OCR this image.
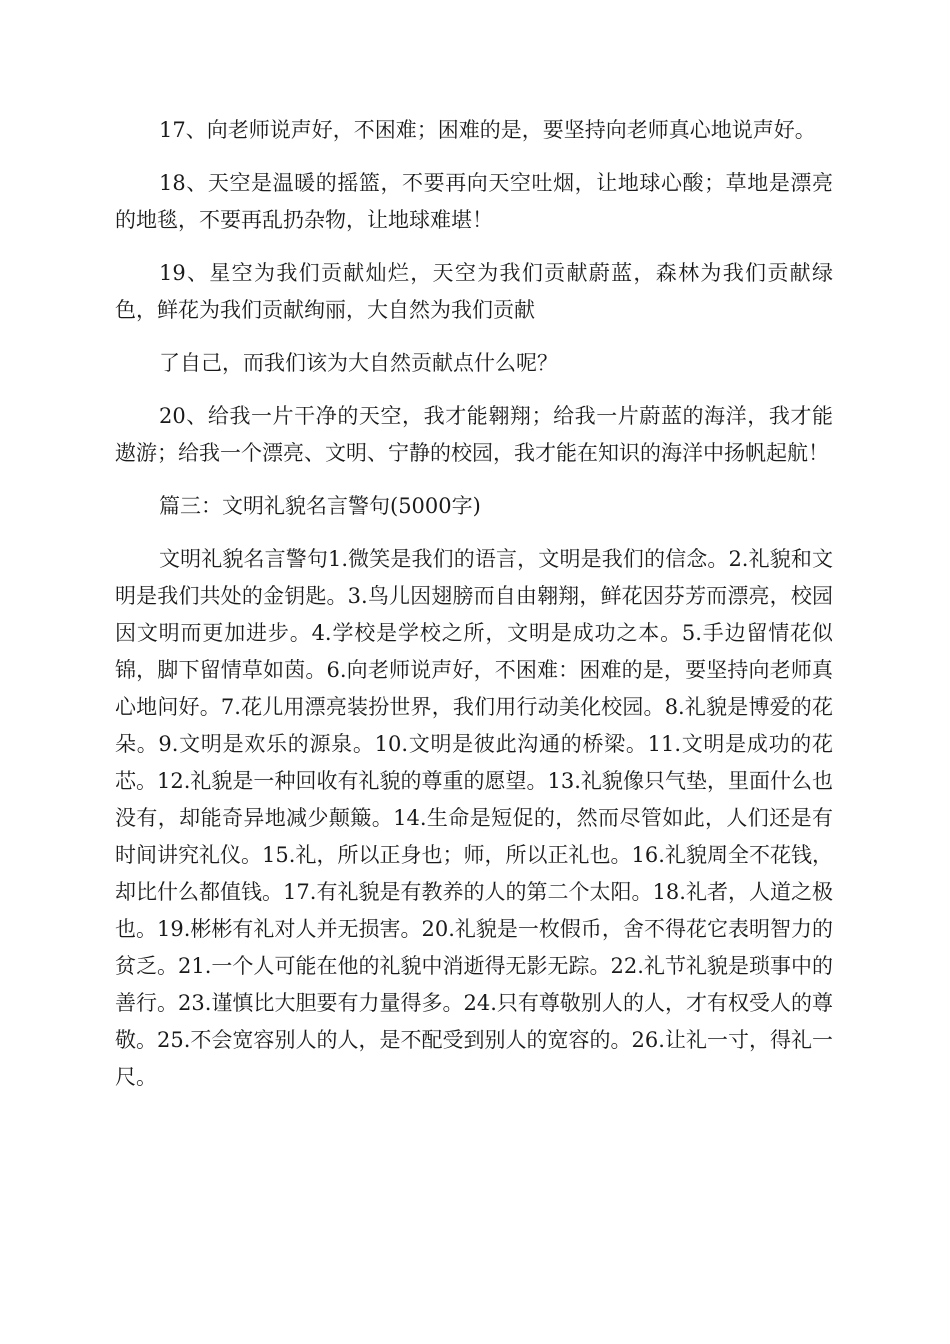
17、向老师说声好，不困难；困难的是，要坚持向老师真心地说声好。

18、天空是温暖的摇篮，不要再向天空吐烟，让地球心酸；草地是漂亮的地毯，不要再乱扔杂物，让地球难堪！

19、星空为我们贡献灿烂，天空为我们贡献蔚蓝，森林为我们贡献绿色，鲜花为我们贡献绚丽，大自然为我们贡献

了自己，而我们该为大自然贡献点什么呢？

20、给我一片干净的天空，我才能翱翔；给我一片蔚蓝的海洋，我才能遨游；给我一个漂亮、文明、宁静的校园，我才能在知识的海洋中扬帆起航！

篇三：文明礼貌名言警句(5000字)

文明礼貌名言警句1.微笑是我们的语言，文明是我们的信念。2.礼貌和文明是我们共处的金钥匙。3.鸟儿因翅膀而自由翱翔，鲜花因芬芳而漂亮，校园因文明而更加进步。4.学校是学校之所，文明是成功之本。5.手边留情花似锦，脚下留情草如茵。6.向老师说声好，不困难：困难的是，要坚持向老师真心地问好。7.花儿用漂亮装扮世界，我们用行动美化校园。8.礼貌是博爱的花朵。9.文明是欢乐的源泉。10.文明是彼此沟通的桥梁。11.文明是成功的花芯。12.礼貌是一种回收有礼貌的尊重的愿望。13.礼貌像只气垫，里面什么也没有，却能奇异地减少颠簸。14.生命是短促的，然而尽管如此，人们还是有时间讲究礼仪。15.礼，所以正身也；师，所以正礼也。16.礼貌周全不花钱，却比什么都值钱。17.有礼貌是有教养的人的第二个太阳。18.礼者，人道之极也。19.彬彬有礼对人并无损害。20.礼貌是一枚假币，舍不得花它表明智力的贫乏。21.一个人可能在他的礼貌中消逝得无影无踪。22.礼节礼貌是琐事中的善行。23.谨慎比大胆要有力量得多。24.只有尊敬别人的人，才有权受人的尊敬。25.不会宽容别人的人，是不配受到别人的宽容的。26.让礼一寸，得礼一尺。
